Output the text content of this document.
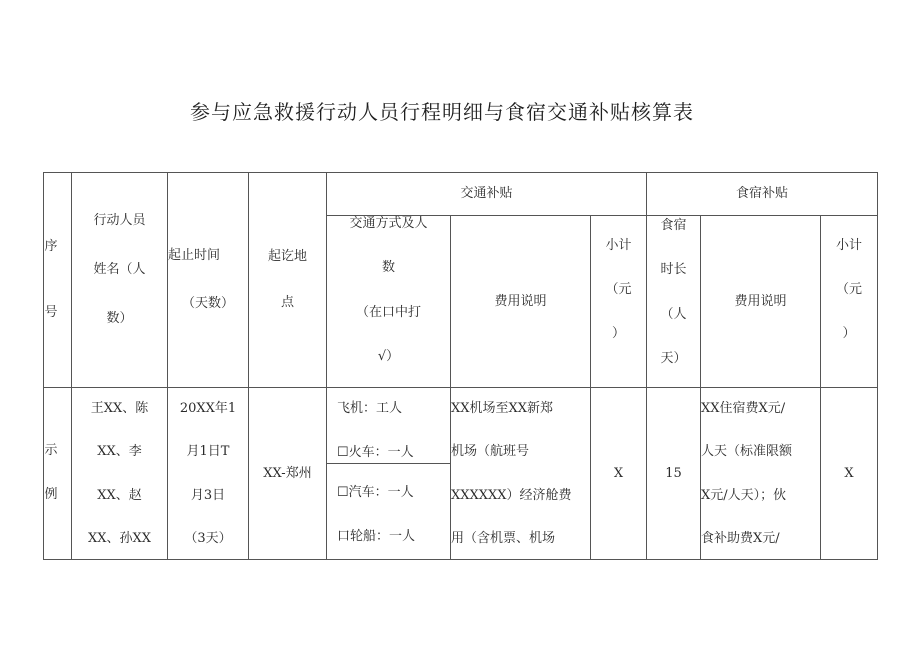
参与应急救援行动人员行程明细与食宿交通补贴核算表
序
号
行动人员
姓名（人
数）
起止时间
（天数）
起讫地
点
交通补贴	食宿补贴
交通方式及人
数
（在口中打
√）
费用说明
小计
（元
）
食宿
时长
（人
天）
费用说明
小计
（元
）
示
例
王XX、陈
XX、李
XX、赵
XX、孙XX
20XX年1
月1日T
月3日
（3天）
XX-郑州
飞机：工人
☐火车：一人
☐汽车：一人
口轮船：一人
XX机场至XX新郑
机场（航班号
XXXXXX）经济舱费
用（含机票、机场
X	15
XX住宿费X元/
人天（标准限额
X元/人天）；伙
食补助费X元/
X
